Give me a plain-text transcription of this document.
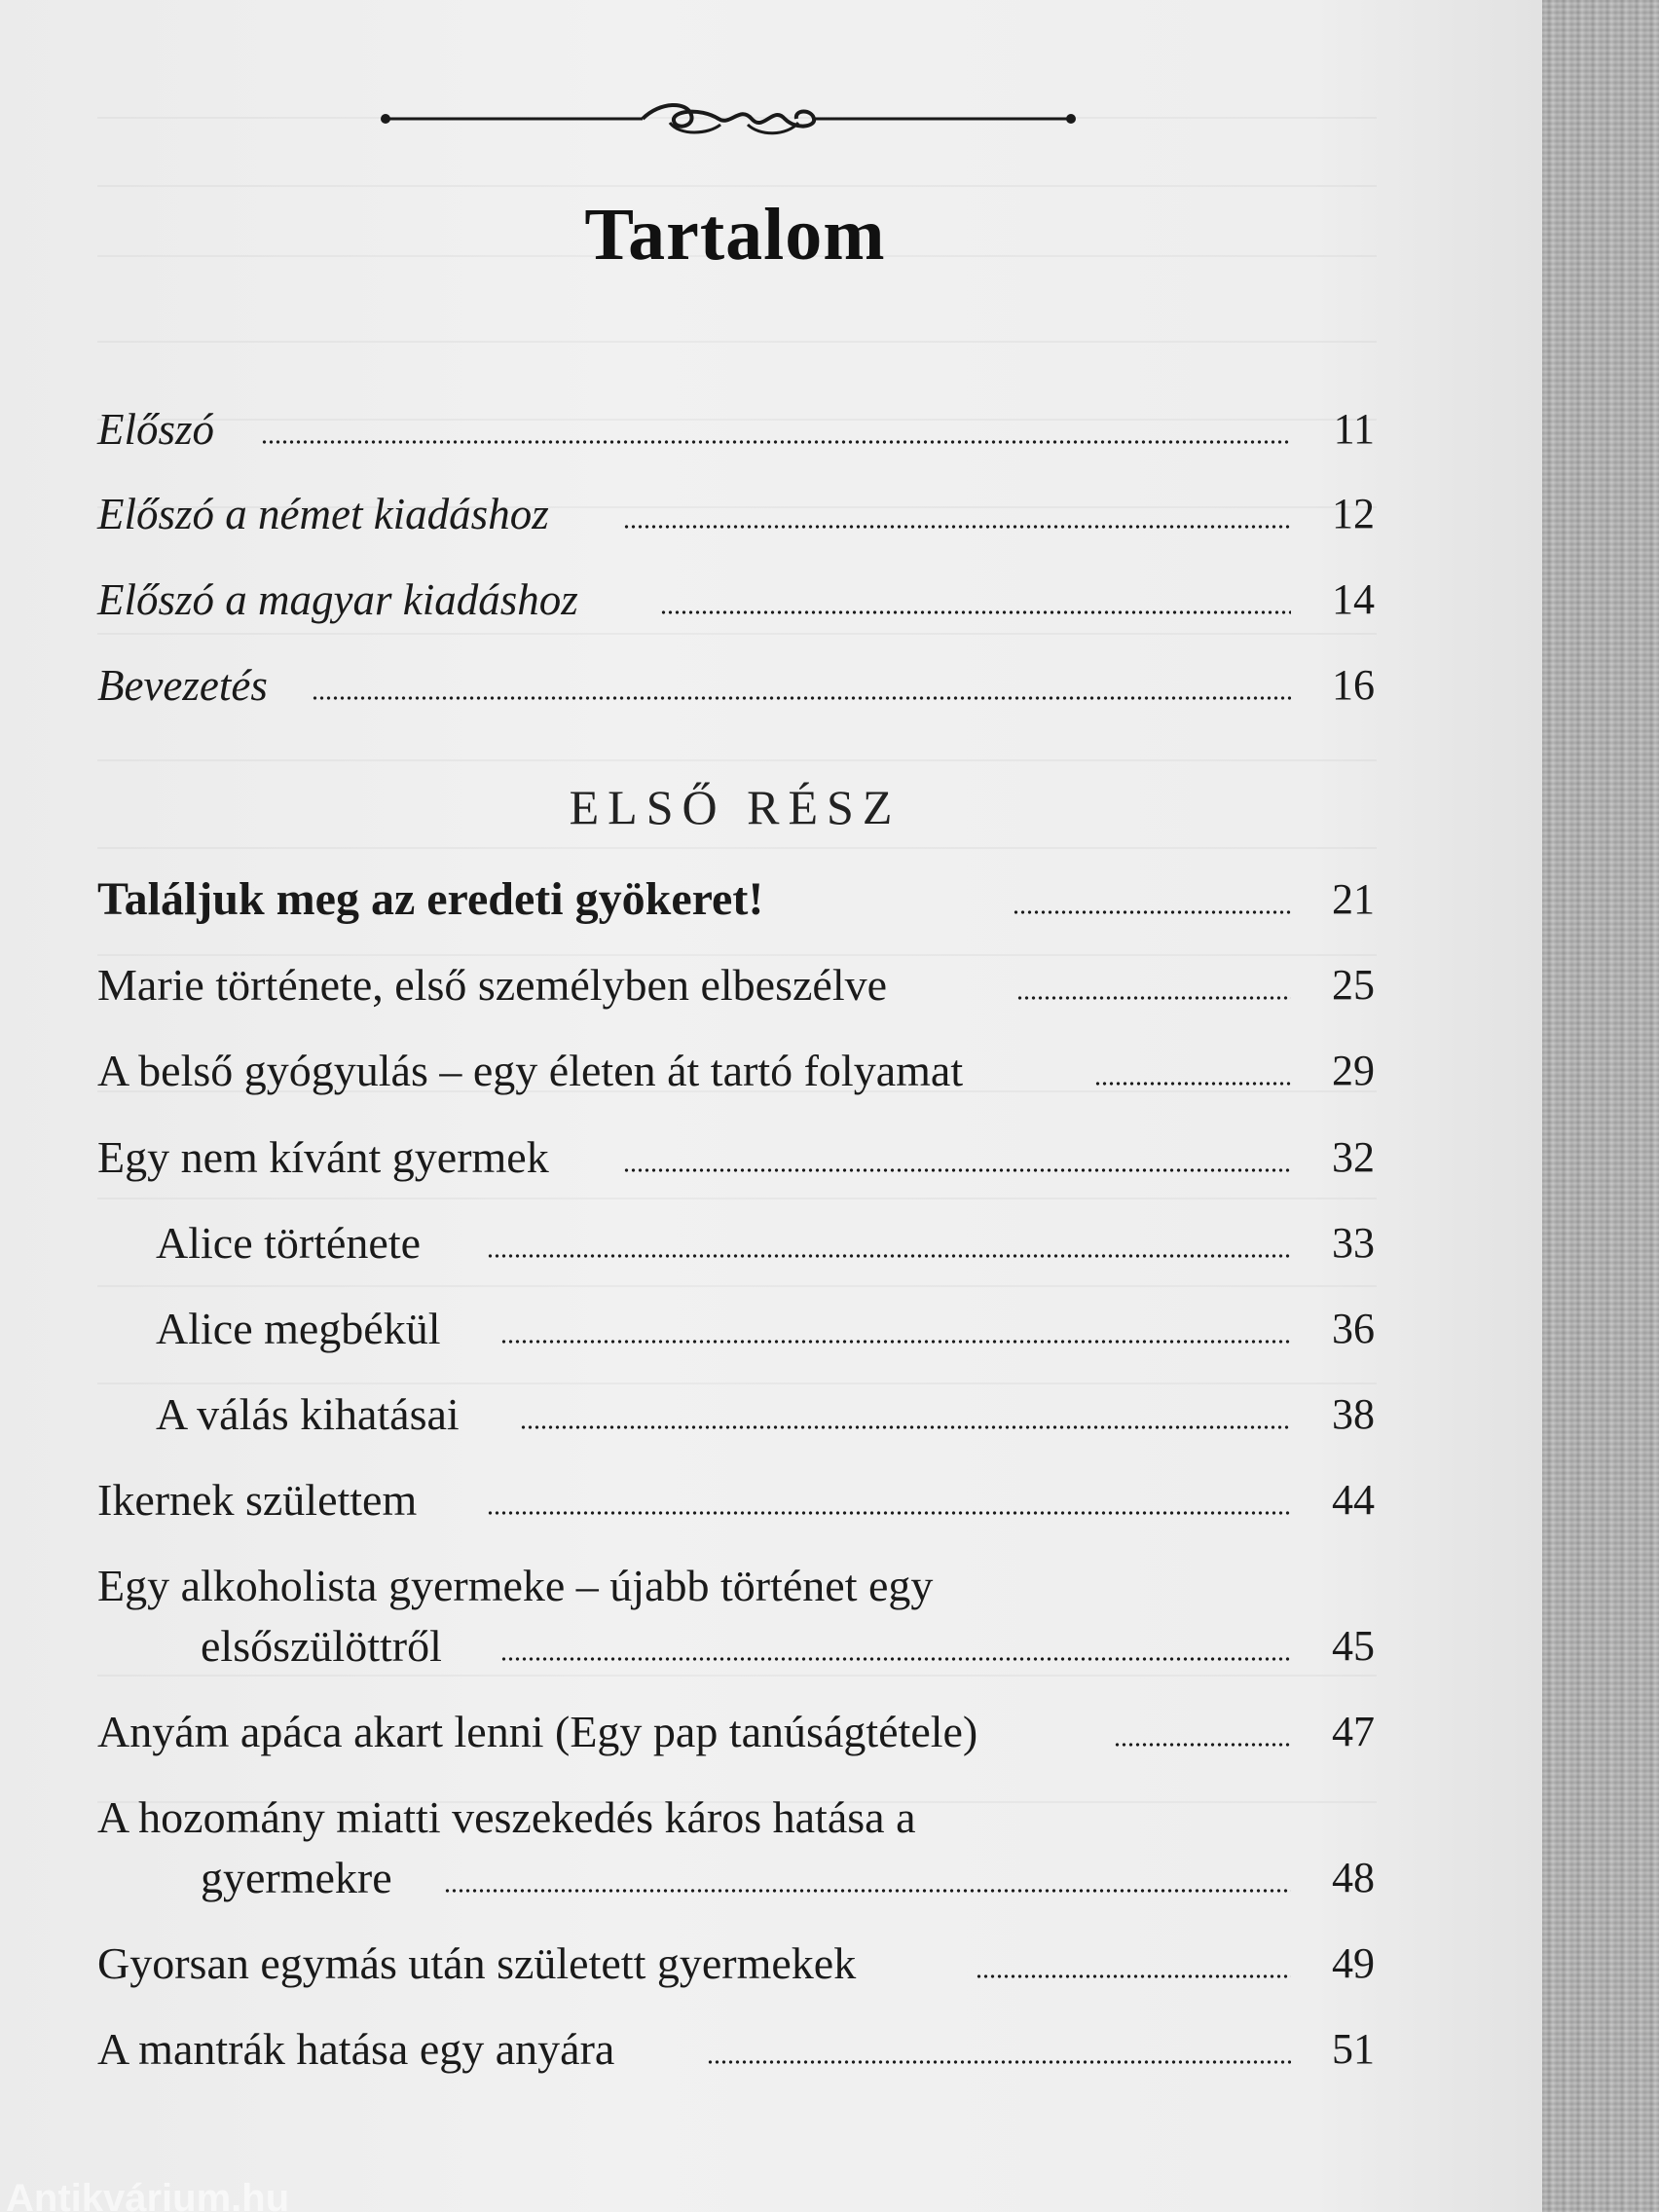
Tartalom
Előszó	11
Előszó a német kiadáshoz	12
Előszó a magyar kiadáshoz	14
Bevezetés	16
ELSŐ RÉSZ
Találjuk meg az eredeti gyökeret!	21
Marie története, első személyben elbeszélve	25
A belső gyógyulás – egy életen át tartó folyamat	29
Egy nem kívánt gyermek	32
Alice története	33
Alice megbékül	36
A válás kihatásai	38
Ikernek születtem	44
Egy alkoholista gyermeke – újabb történet egy
elsőszülöttről	45
Anyám apáca akart lenni (Egy pap tanúságtétele)	47
A hozomány miatti veszekedés káros hatása a
gyermekre	48
Gyorsan egymás után született gyermekek	49
A mantrák hatása egy anyára	51
Antikvárium.hu
